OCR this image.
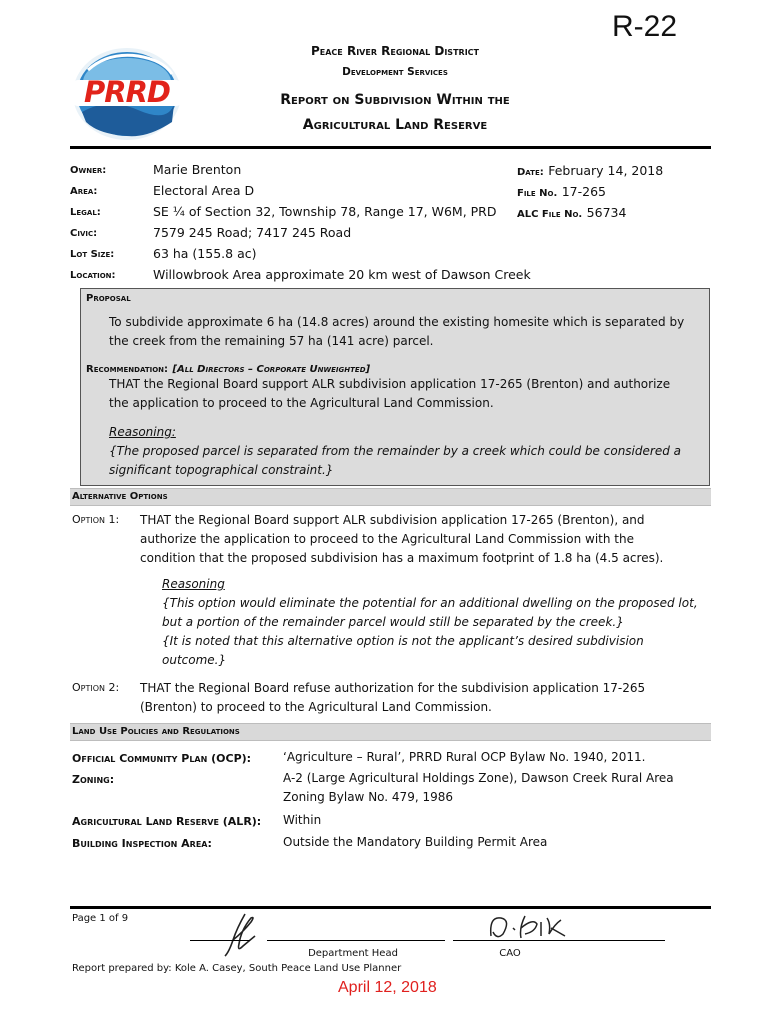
R-22
PRRD
Peace River Regional District
Development Services
Report on Subdivision Within the
Agricultural Land Reserve
Owner:	Marie Brenton
Area:	Electoral Area D
Legal:	SE ¼ of Section 32, Township 78, Range 17, W6M, PRD
Civic:	7579 245 Road; 7417 245 Road
Lot Size:	63 ha (155.8 ac)
Location:	Willowbrook Area approximate 20 km west of Dawson Creek
Date: February 14, 2018
File No. 17-265
ALC File No. 56734
Proposal
To subdivide approximate 6 ha (14.8 acres) around the existing homesite which is separated by
the creek from the remaining 57 ha (141 acre) parcel.
Recommendation: [All Directors – Corporate Unweighted]
THAT the Regional Board support ALR subdivision application 17-265 (Brenton) and authorize
the application to proceed to the Agricultural Land Commission.
Reasoning:
{The proposed parcel is separated from the remainder by a creek which could be considered a
significant topographical constraint.}
Alternative Options
Option 1: THAT the Regional Board support ALR subdivision application 17-265 (Brenton), and
authorize the application to proceed to the Agricultural Land Commission with the
condition that the proposed subdivision has a maximum footprint of 1.8 ha (4.5 acres).
Reasoning
{This option would eliminate the potential for an additional dwelling on the proposed lot,
but a portion of the remainder parcel would still be separated by the creek.}
{It is noted that this alternative option is not the applicant’s desired subdivision
outcome.}
Option 2: THAT the Regional Board refuse authorization for the subdivision application 17-265
(Brenton) to proceed to the Agricultural Land Commission.
Land Use Policies and Regulations
Official Community Plan (OCP):	‘Agriculture – Rural’, PRRD Rural OCP Bylaw No. 1940, 2011.
Zoning:	A-2 (Large Agricultural Holdings Zone), Dawson Creek Rural Area
Zoning Bylaw No. 479, 1986
Agricultural Land Reserve (ALR): Within
Building Inspection Area:	Outside the Mandatory Building Permit Area
Page 1 of 9
Department Head	CAO
Report prepared by: Kole A. Casey, South Peace Land Use Planner
April 12, 2018
